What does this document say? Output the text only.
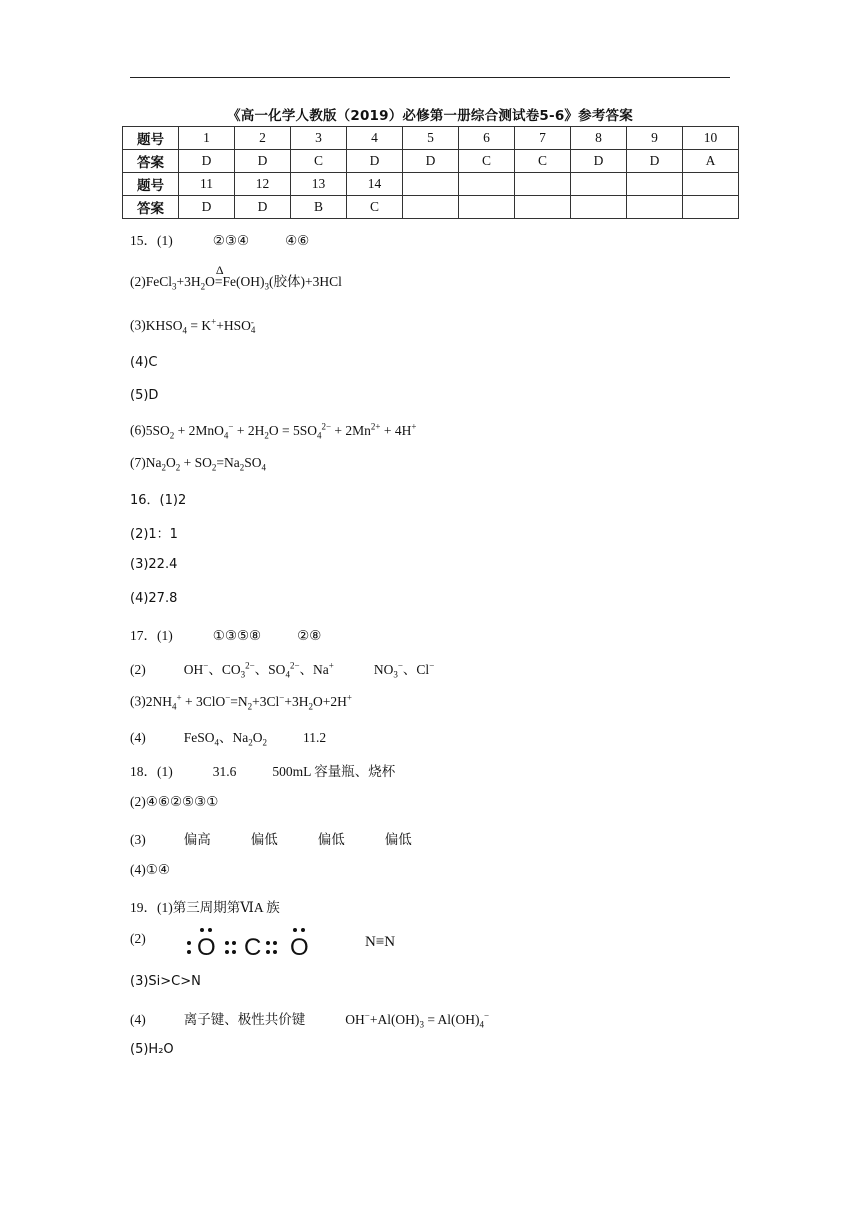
《高一化学人教版（2019）必修第一册综合测试卷5-6》参考答案
题号	1	2	3	4	5	6	7	8	9	10
答案	D	D	C	D	D	C	C	D	D	A
题号	11	12	13	14						
答案	D	D	B	C						
15．(1)	②③④	④⑥
$(2)FeCl_3+3H_2O$
Δ
$=Fe(OH)_3$(胶体)+3HCl
$(3)KHSO_4 = K^++HSO_{4 -}$
(4)C
(5)D
$(6)5SO_2 + 2MnO_4^- + 2H_2O = 5SO_4^{2-} + 2Mn^{2+} + 4H^+$
$(7)Na_2O_2 + SO_2=Na_2SO_4$
16．(1)2
(2)1：1
(3)22.4
(4)27.8
17．(1)	①③⑤⑧	②⑧
(2)	OH−、$CO_3^{2-}$、$SO_4^{2-}$、Na+	$NO_3^-$、Cl−
$(3)2NH_4^+ + 3ClO^-=N_2+3Cl^-+3H_2O+2H^+$
(4)	FeSO$_4$、$Na_2O_2$	11.2
18．(1)	31.6	500mL 容量瓶、烧杯
(2)④⑥②⑤③①
(3)	偏高	偏低	偏低	偏低
(4)①④
19．(1)第三周期第ⅥA 族
(2) O C O	N≡N
(3)Si>C>N
(4)	离子键、极性共价键	$OH^-+Al(OH)_3 = Al(OH)_4^-$
(5)H₂O
